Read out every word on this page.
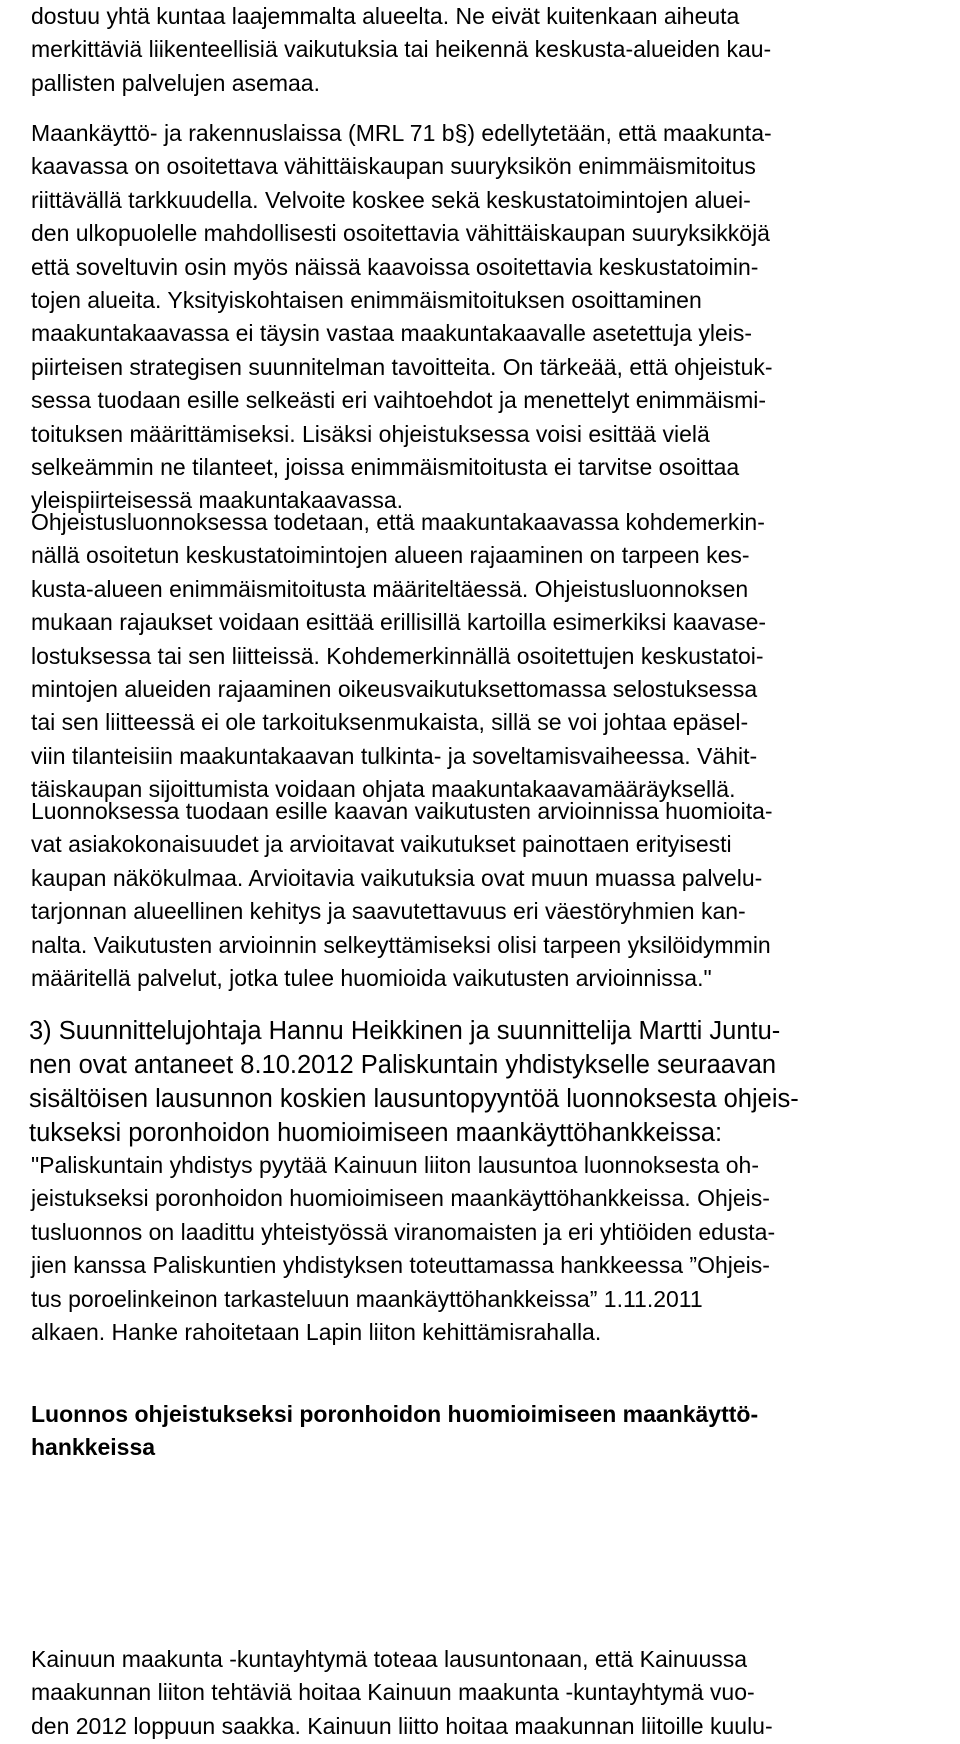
dostuu yhtä kuntaa laajemmalta alueelta. Ne eivät kuitenkaan aiheuta
merkittäviä liikenteellisiä vaikutuksia tai heikennä keskusta-alueiden kau-
pallisten palvelujen asemaa.
Maankäyttö- ja rakennuslaissa (MRL 71 b§) edellytetään, että maakunta-
kaavassa on osoitettava vähittäiskaupan suuryksikön enimmäismitoitus
riittävällä tarkkuudella. Velvoite koskee sekä keskustatoimintojen aluei-
den ulkopuolelle mahdollisesti osoitettavia vähittäiskaupan suuryksikköjä
että soveltuvin osin myös näissä kaavoissa osoitettavia keskustatoimin-
tojen alueita. Yksityiskohtaisen enimmäismitoituksen osoittaminen
maakuntakaavassa ei täysin vastaa maakuntakaavalle asetettuja yleis-
piirteisen strategisen suunnitelman tavoitteita. On tärkeää, että ohjeistuk-
sessa tuodaan esille selkeästi eri vaihtoehdot ja menettelyt enimmäismi-
toituksen määrittämiseksi. Lisäksi ohjeistuksessa voisi esittää vielä
selkeämmin ne tilanteet, joissa enimmäismitoitusta ei tarvitse osoittaa
yleispiirteisessä maakuntakaavassa.
Ohjeistusluonnoksessa todetaan, että maakuntakaavassa kohdemerkin-
nällä osoitetun keskustatoimintojen alueen rajaaminen on tarpeen kes-
kusta-alueen enimmäismitoitusta määriteltäessä. Ohjeistusluonnoksen
mukaan rajaukset voidaan esittää erillisillä kartoilla esimerkiksi kaavase-
lostuksessa tai sen liitteissä. Kohdemerkinnällä osoitettujen keskustatoi-
mintojen alueiden rajaaminen oikeusvaikutuksettomassa selostuksessa
tai sen liitteessä ei ole tarkoituksenmukaista, sillä se voi johtaa epäsel-
viin tilanteisiin maakuntakaavan tulkinta- ja soveltamisvaiheessa. Vähit-
täiskaupan sijoittumista voidaan ohjata maakuntakaavamääräyksellä.
Luonnoksessa tuodaan esille kaavan vaikutusten arvioinnissa huomioita-
vat asiakokonaisuudet ja arvioitavat vaikutukset painottaen erityisesti
kaupan näkökulmaa. Arvioitavia vaikutuksia ovat muun muassa palvelu-
tarjonnan alueellinen kehitys ja saavutettavuus eri väestöryhmien kan-
nalta. Vaikutusten arvioinnin selkeyttämiseksi olisi tarpeen yksilöidymmin
määritellä palvelut, jotka tulee huomioida vaikutusten arvioinnissa."
3) Suunnittelujohtaja Hannu Heikkinen ja suunnittelija Martti Juntu-
nen ovat antaneet 8.10.2012 Paliskuntain yhdistykselle seuraavan
sisältöisen lausunnon koskien lausuntopyyntöä luonnoksesta ohjeis-
tukseksi poronhoidon huomioimiseen maankäyttöhankkeissa:
"Paliskuntain yhdistys pyytää Kainuun liiton lausuntoa luonnoksesta oh-
jeistukseksi poronhoidon huomioimiseen maankäyttöhankkeissa. Ohjeis-
tusluonnos on laadittu yhteistyössä viranomaisten ja eri yhtiöiden edusta-
jien kanssa Paliskuntien yhdistyksen toteuttamassa hankkeessa ”Ohjeis-
tus poroelinkeinon tarkasteluun maankäyttöhankkeissa” 1.11.2011
alkaen. Hanke rahoitetaan Lapin liiton kehittämisrahalla.
Luonnos ohjeistukseksi poronhoidon huomioimiseen maankäyttö-
hankkeissa
Kainuun maakunta -kuntayhtymä toteaa lausuntonaan, että Kainuussa
maakunnan liiton tehtäviä hoitaa Kainuun maakunta -kuntayhtymä vuo-
den 2012 loppuun saakka. Kainuun liitto hoitaa maakunnan liitoille kuulu-
